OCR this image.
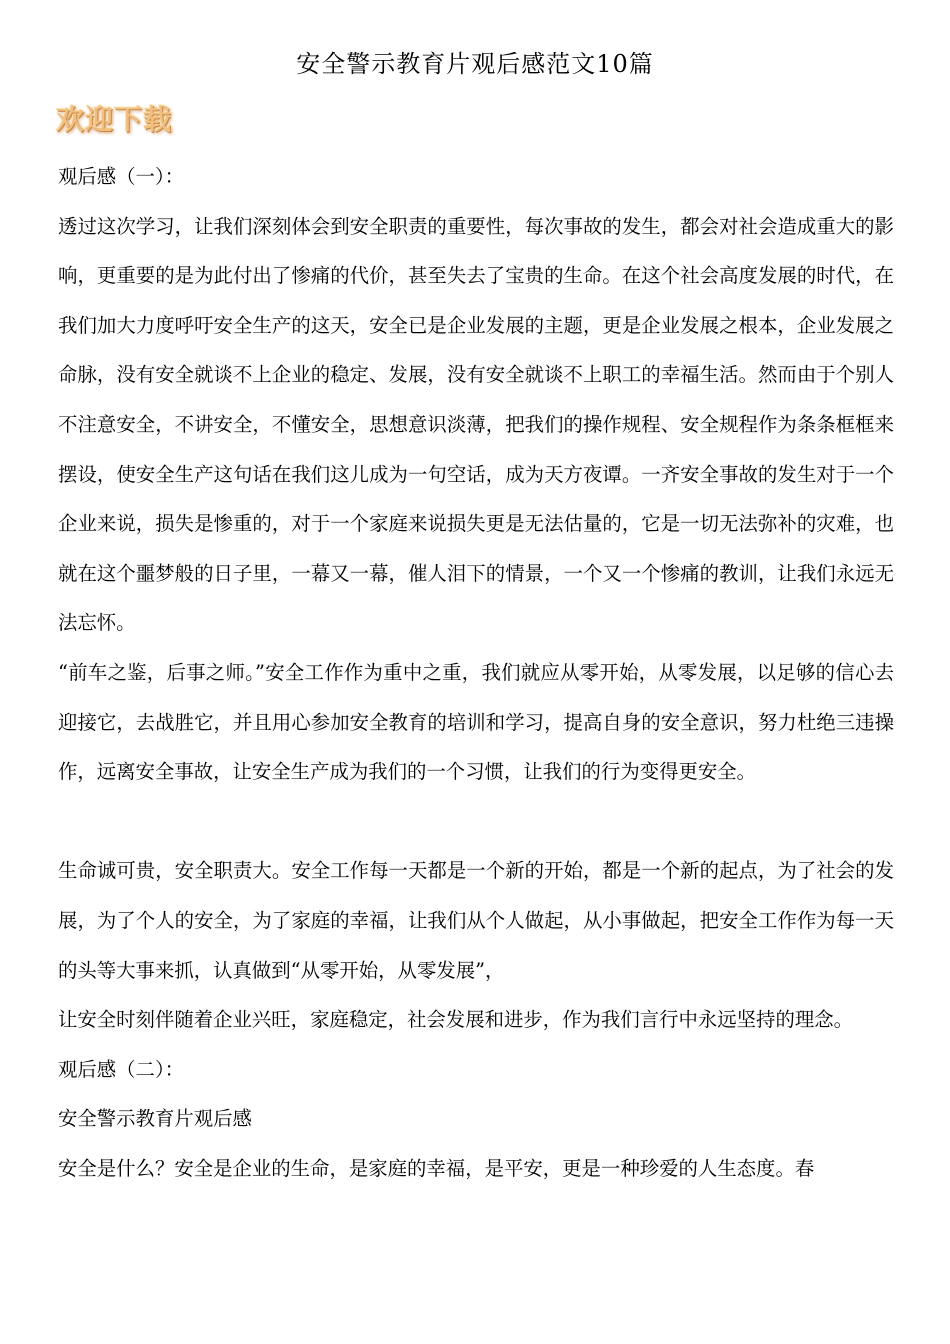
安全警示教育片观后感范文10篇
欢迎下载

观后感（一）：

透过这次学习，让我们深刻体会到安全职责的重要性，每次事故的发生，都会对社会造成重大的影响，更重要的是为此付出了惨痛的代价，甚至失去了宝贵的生命。在这个社会高度发展的时代，在我们加大力度呼吁安全生产的这天，安全已是企业发展的主题，更是企业发展之根本，企业发展之命脉，没有安全就谈不上企业的稳定、发展，没有安全就谈不上职工的幸福生活。然而由于个别人不注意安全，不讲安全，不懂安全，思想意识淡薄，把我们的操作规程、安全规程作为条条框框来摆设，使安全生产这句话在我们这儿成为一句空话，成为天方夜谭。一齐安全事故的发生对于一个企业来说，损失是惨重的，对于一个家庭来说损失更是无法估量的，它是一切无法弥补的灾难，也就在这个噩梦般的日子里，一幕又一幕，催人泪下的情景，一个又一个惨痛的教训，让我们永远无法忘怀。

“前车之鉴，后事之师。”安全工作作为重中之重，我们就应从零开始，从零发展，以足够的信心去迎接它，去战胜它，并且用心参加安全教育的培训和学习，提高自身的安全意识，努力杜绝三违操作，远离安全事故，让安全生产成为我们的一个习惯，让我们的行为变得更安全。

生命诚可贵，安全职责大。安全工作每一天都是一个新的开始，都是一个新的起点，为了社会的发展，为了个人的安全，为了家庭的幸福，让我们从个人做起，从小事做起，把安全工作作为每一天的头等大事来抓，认真做到“从零开始，从零发展”，

让安全时刻伴随着企业兴旺，家庭稳定，社会发展和进步，作为我们言行中永远坚持的理念。

观后感（二）：

安全警示教育片观后感

安全是什么？安全是企业的生命，是家庭的幸福，是平安，更是一种珍爱的人生态度。春
